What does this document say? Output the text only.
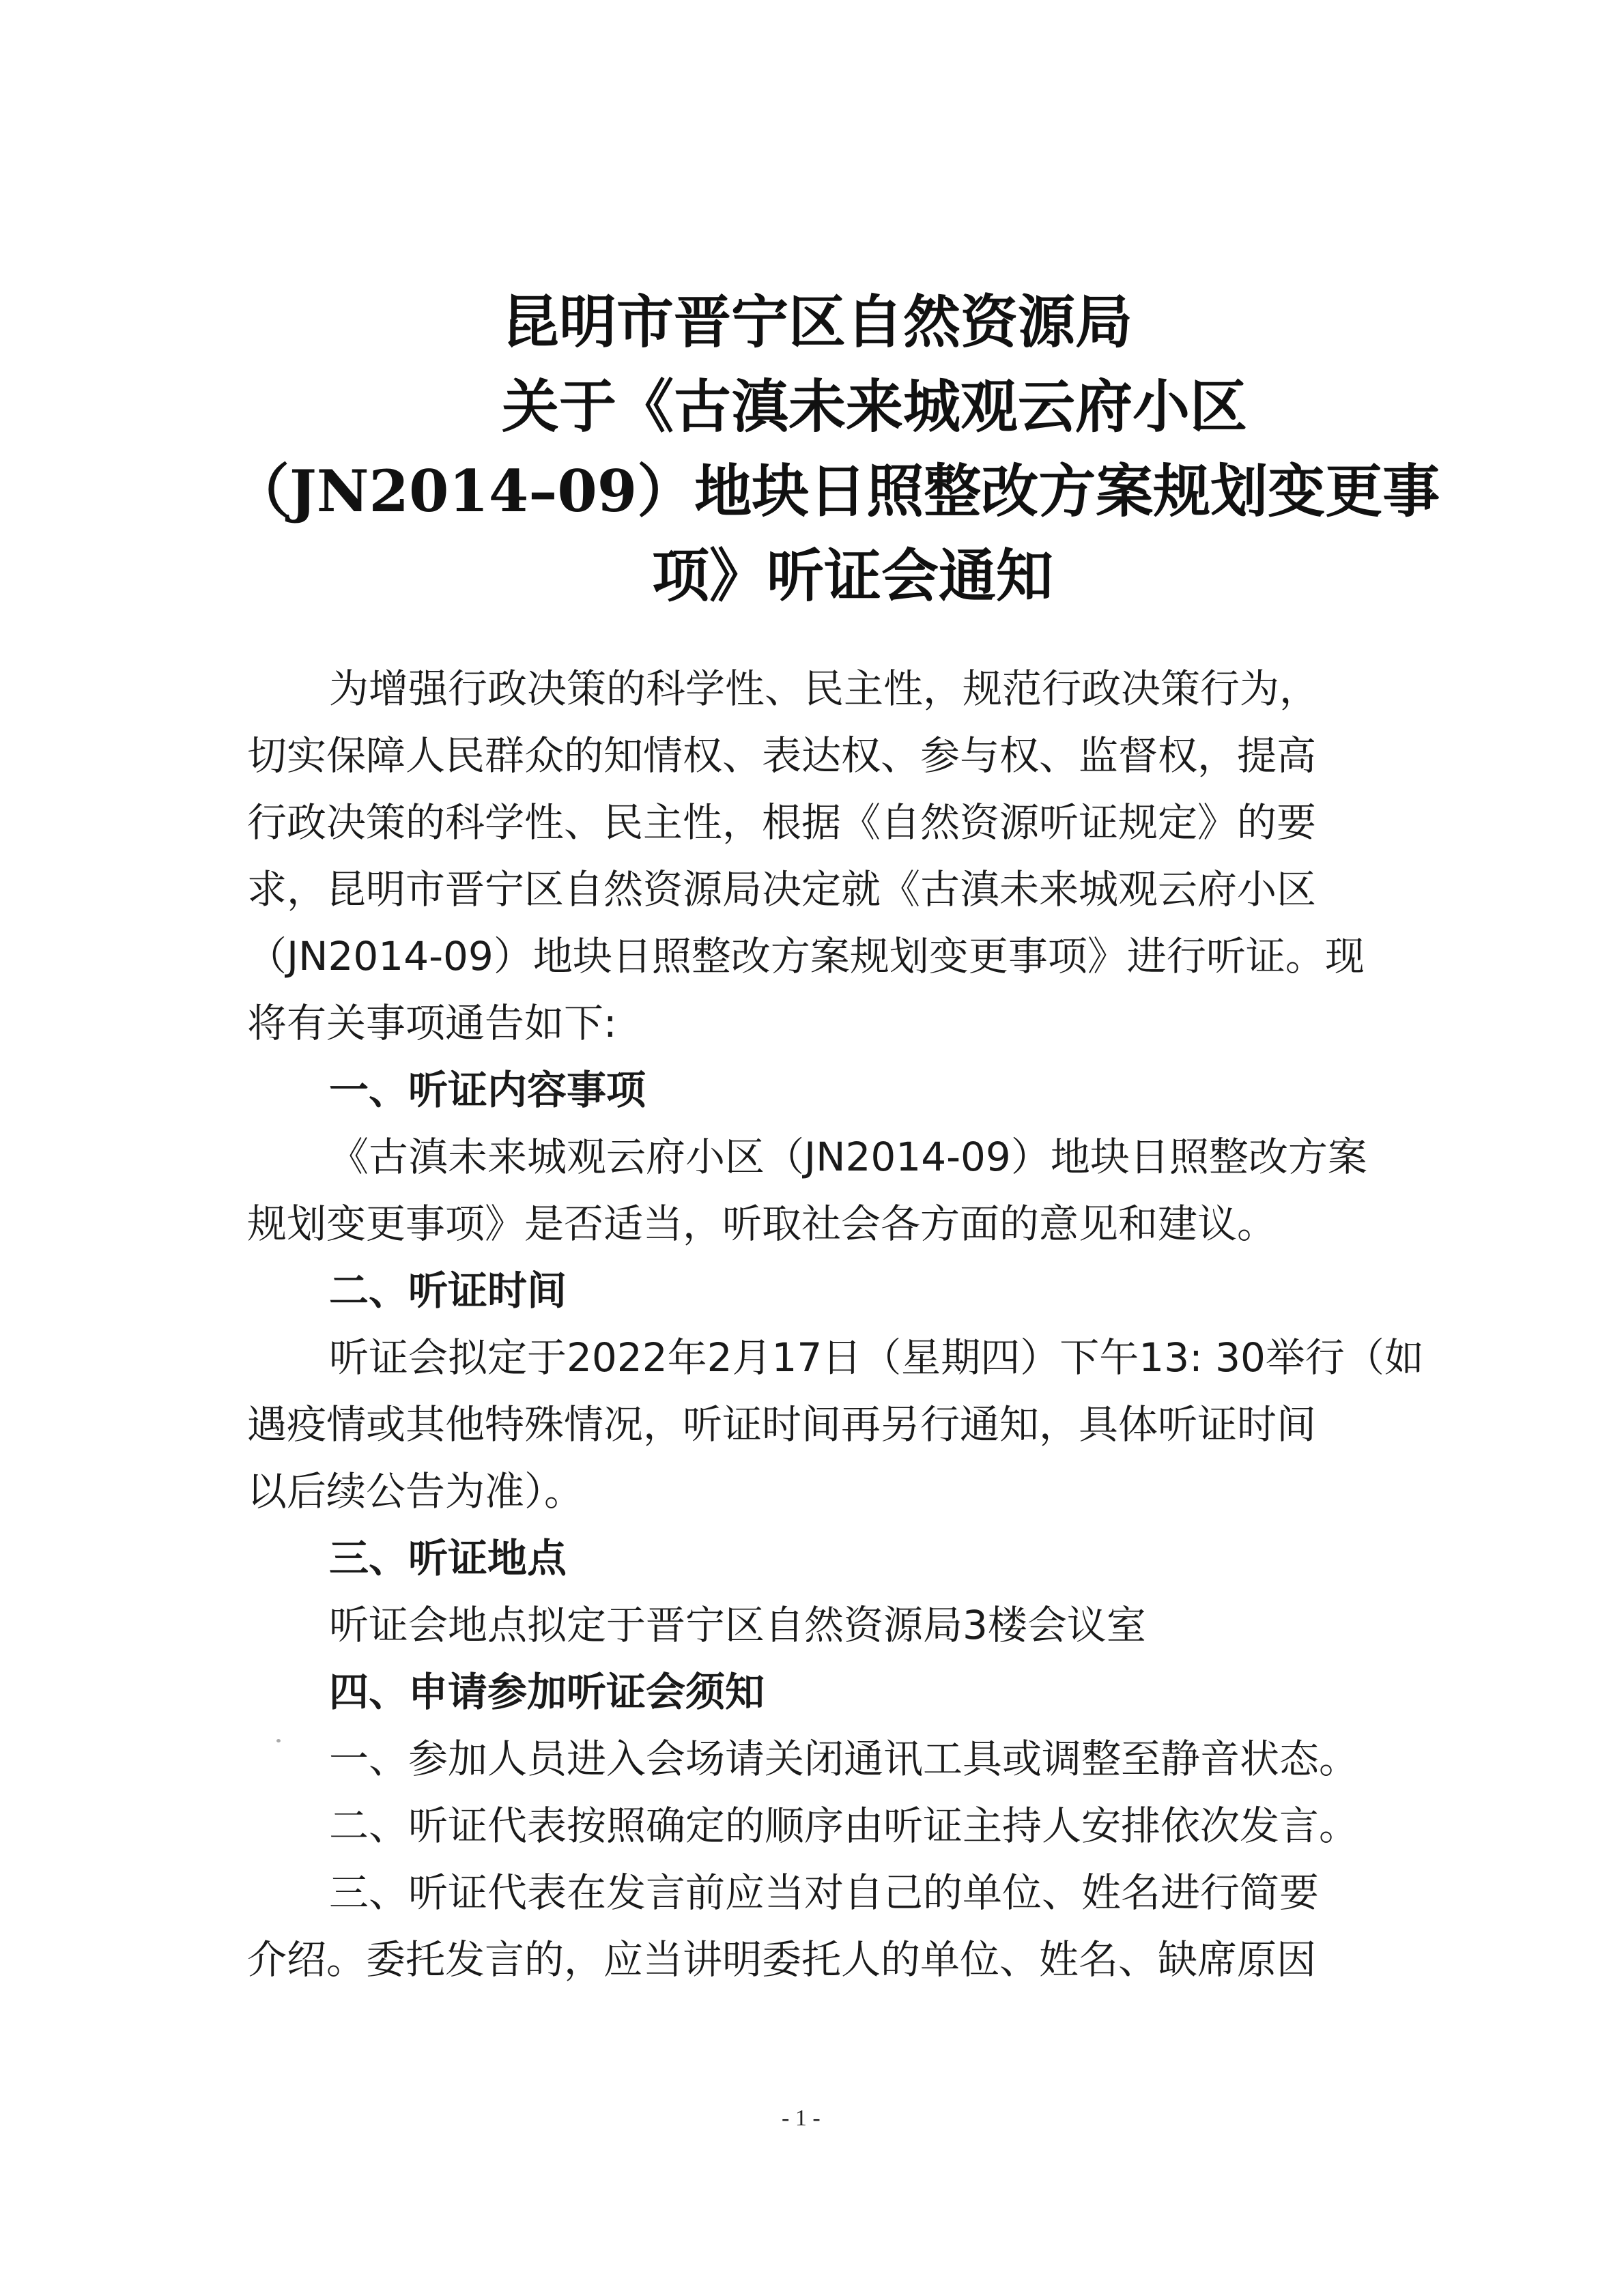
昆明市晋宁区自然资源局
关于《古滇未来城观云府小区
（JN2014–09）地块日照整改方案规划变更事
项》听证会通知
为增强行政决策的科学性、民主性，规范行政决策行为，
切实保障人民群众的知情权、表达权、参与权、监督权，提高
行政决策的科学性、民主性，根据《自然资源听证规定》的要
求，昆明市晋宁区自然资源局决定就《古滇未来城观云府小区
（JN2014-09）地块日照整改方案规划变更事项》进行听证。现
将有关事项通告如下:
一、听证内容事项
《古滇未来城观云府小区（JN2014-09）地块日照整改方案
规划变更事项》是否适当，听取社会各方面的意见和建议。
二、听证时间
听证会拟定于2022年2月17日（星期四）下午13: 30举行（如
遇疫情或其他特殊情况，听证时间再另行通知，具体听证时间
以后续公告为准）。
三、听证地点
听证会地点拟定于晋宁区自然资源局3楼会议室
四、申请参加听证会须知
一、参加人员进入会场请关闭通讯工具或调整至静音状态。
二、听证代表按照确定的顺序由听证主持人安排依次发言。
三、听证代表在发言前应当对自己的单位、姓名进行简要
介绍。委托发言的，应当讲明委托人的单位、姓名、缺席原因
- 1 -
